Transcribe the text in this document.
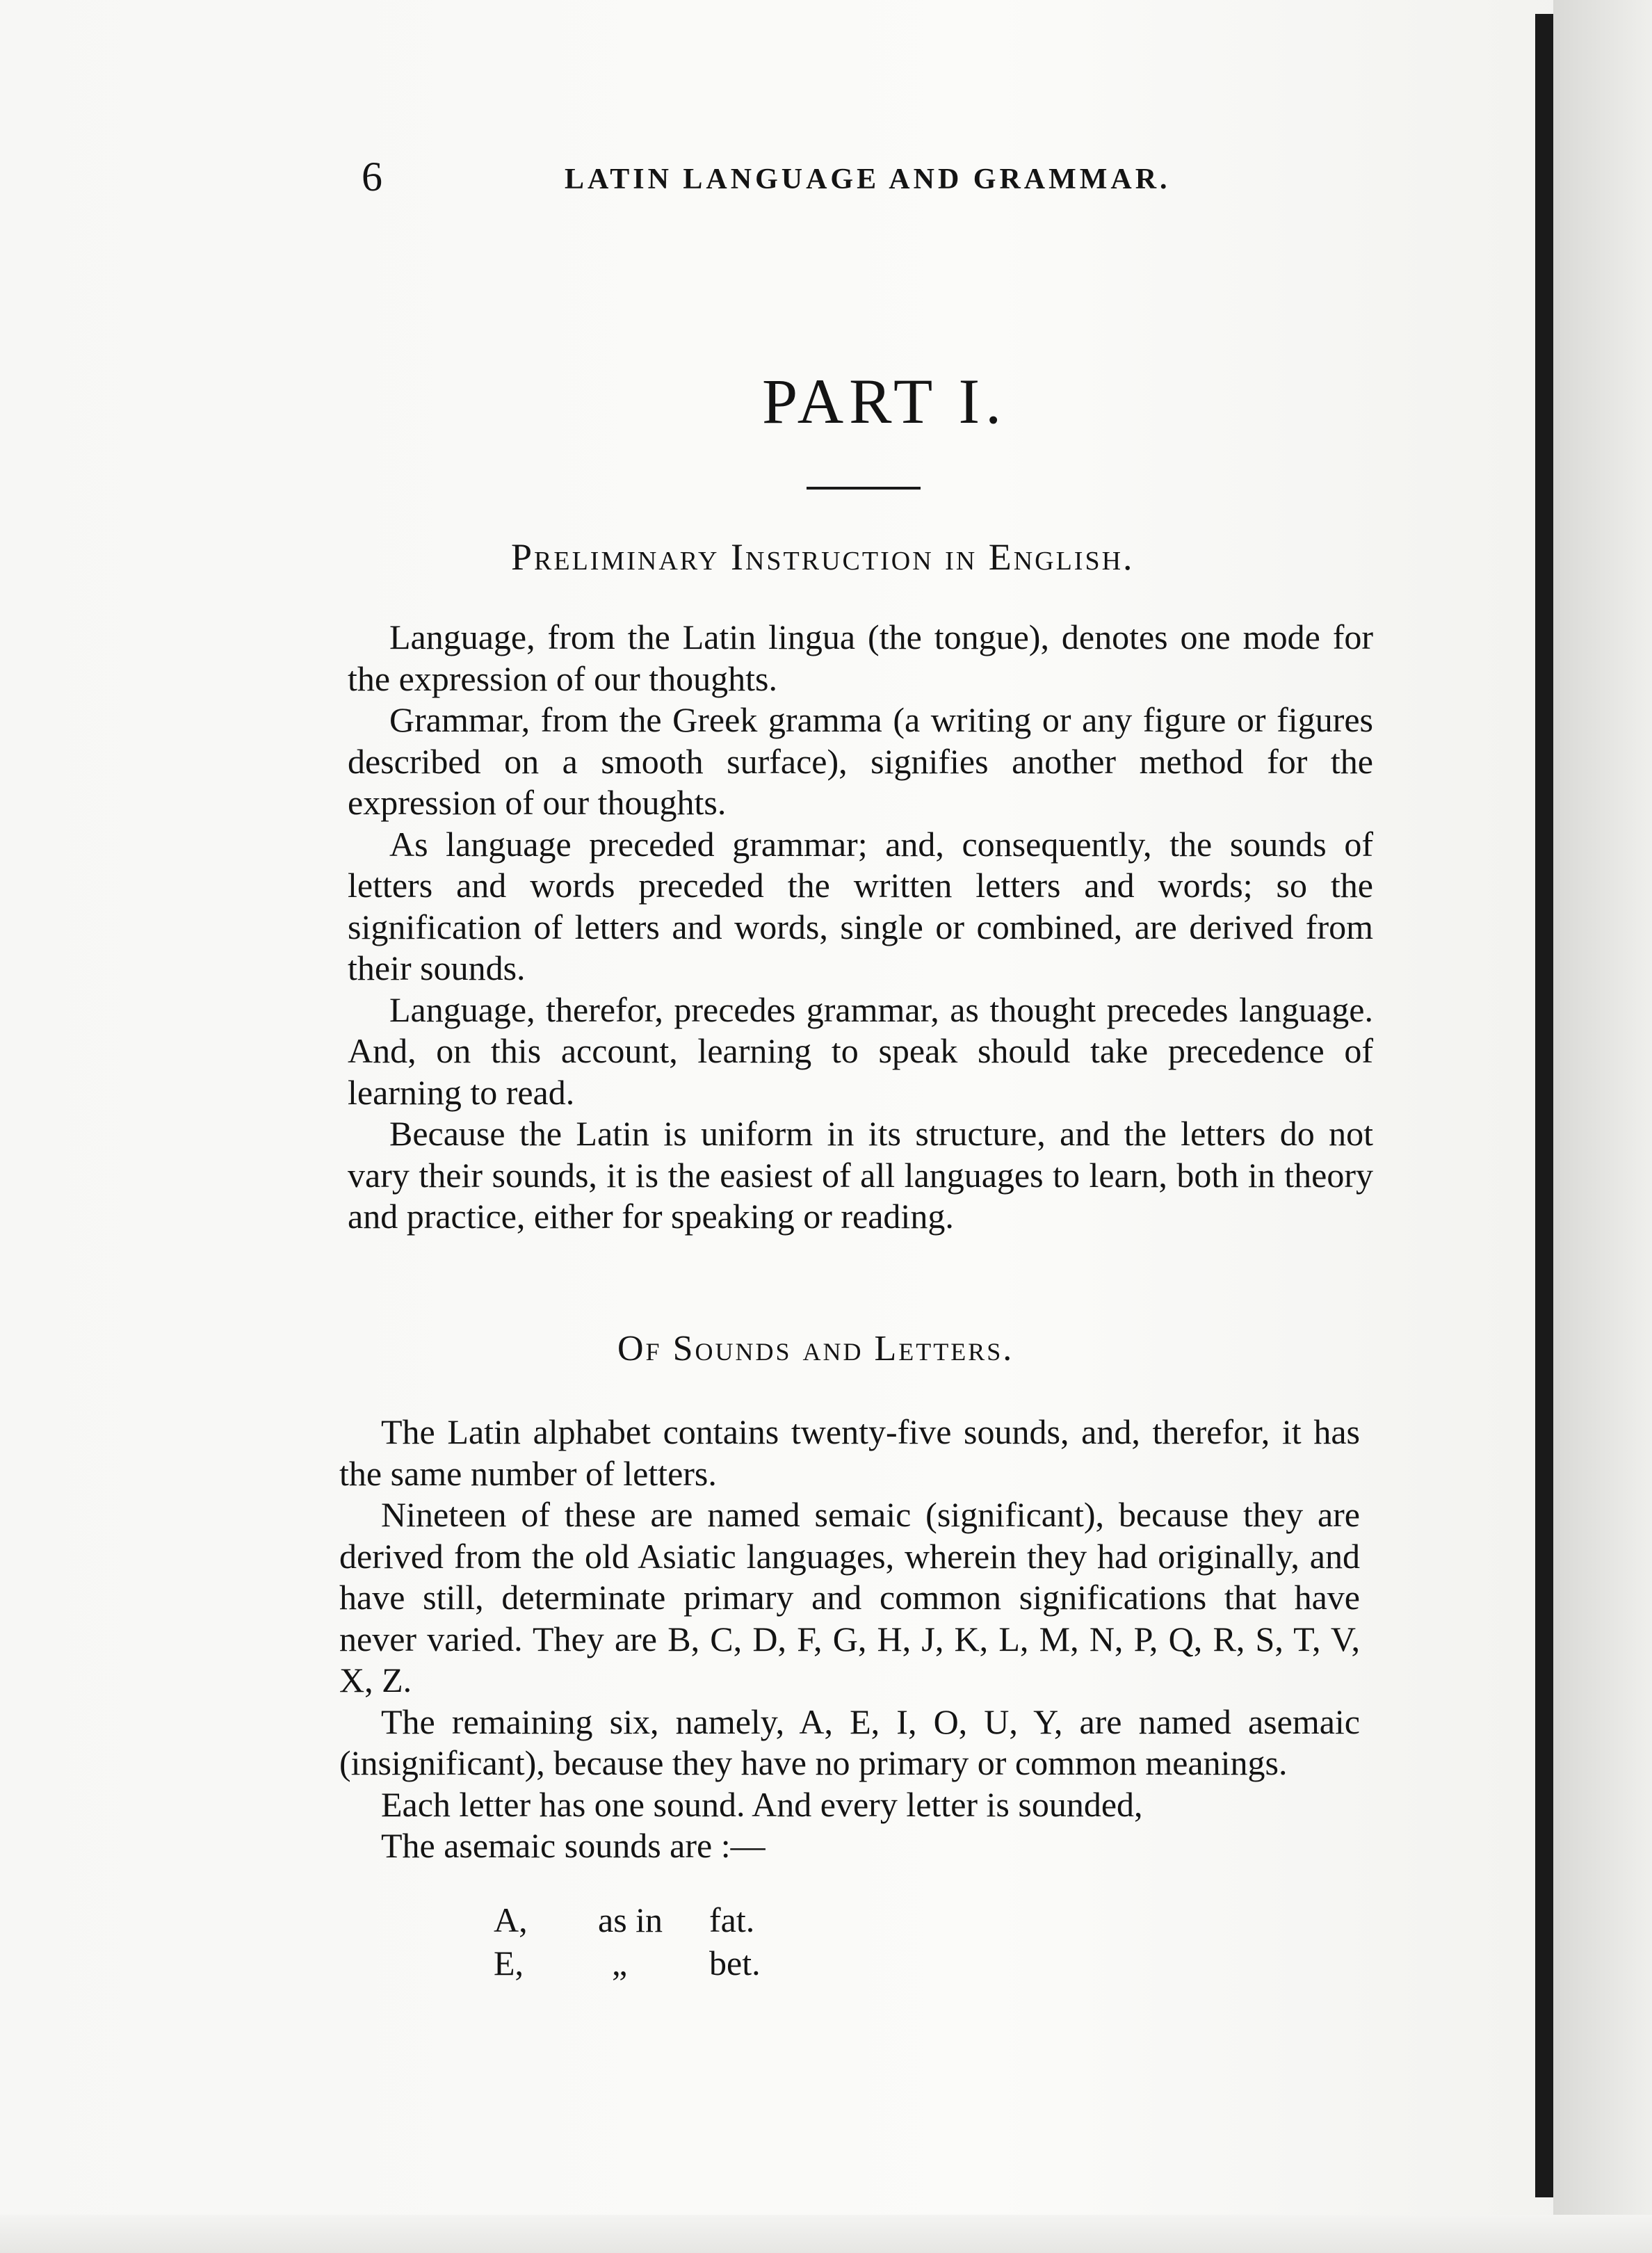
6	LATIN LANGUAGE AND GRAMMAR.
PART I.
Preliminary Instruction in English.

Language, from the Latin lingua (the tongue), denotes one mode for the expression of our thoughts.

Grammar, from the Greek gramma (a writing or any figure or figures described on a smooth surface), signifies another method for the expression of our thoughts.

As language preceded grammar; and, consequently, the sounds of letters and words preceded the written letters and words; so the signification of letters and words, single or combined, are derived from their sounds.

Language, therefor, precedes grammar, as thought precedes language. And, on this account, learning to speak should take precedence of learning to read.

Because the Latin is uniform in its structure, and the letters do not vary their sounds, it is the easiest of all languages to learn, both in theory and practice, either for speaking or reading.

Of Sounds and Letters.

The Latin alphabet contains twenty-five sounds, and, therefor, it has the same number of letters.

Nineteen of these are named semaic (significant), because they are derived from the old Asiatic languages, wherein they had originally, and have still, determinate primary and common significations that have never varied. They are B, C, D, F, G, H, J, K, L, M, N, P, Q, R, S, T, V, X, Z.

The remaining six, namely, A, E, I, O, U, Y, are named asemaic (insignificant), because they have no primary or common meanings.

Each letter has one sound. And every letter is sounded,

The asemaic sounds are :—

A,	as in	fat.
E,	„	bet.
